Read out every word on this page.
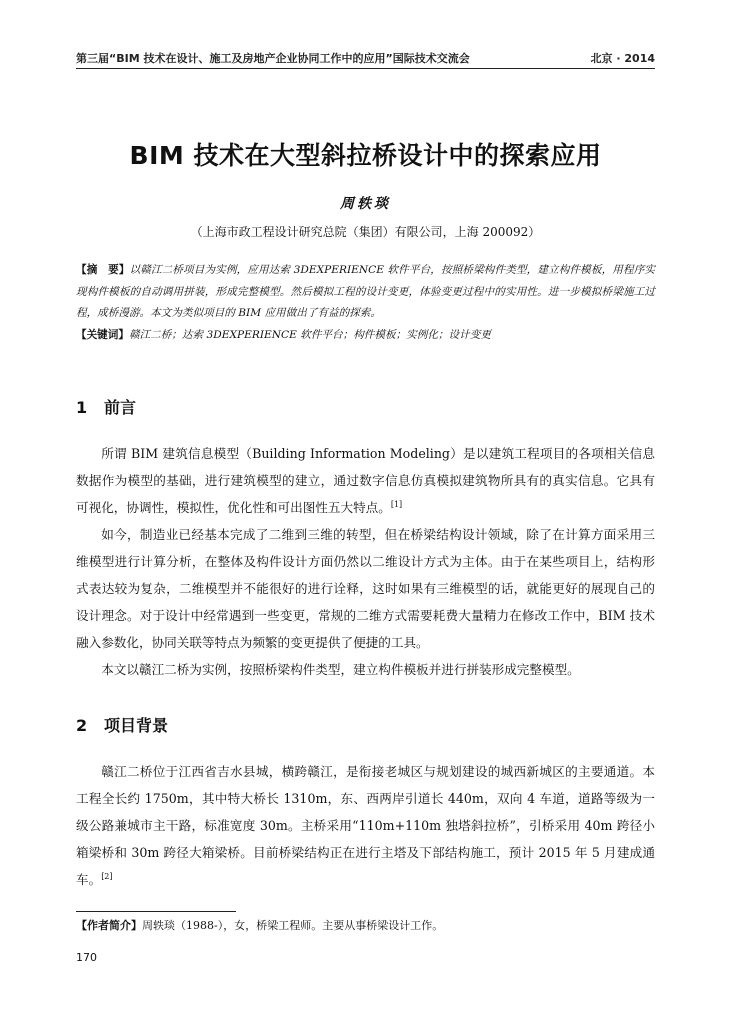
第三届“BIM 技术在设计、施工及房地产企业协同工作中的应用”国际技术交流会	北京 · 2014
BIM 技术在大型斜拉桥设计中的探索应用
周轶琰
（上海市政工程设计研究总院（集团）有限公司，上海 200092）

【摘　要】以赣江二桥项目为实例，应用达索 3DEXPERIENCE 软件平台，按照桥梁构件类型，建立构件模板，用程序实现构件模板的自动调用拼装，形成完整模型。然后模拟工程的设计变更，体验变更过程中的实用性。进一步模拟桥梁施工过程，成桥漫游。本文为类似项目的 BIM 应用做出了有益的探索。

【关键词】赣江二桥；达索 3DEXPERIENCE 软件平台；构件模板；实例化；设计变更

1 前言

所谓 BIM 建筑信息模型（Building Information Modeling）是以建筑工程项目的各项相关信息数据作为模型的基础，进行建筑模型的建立，通过数字信息仿真模拟建筑物所具有的真实信息。它具有可视化，协调性，模拟性，优化性和可出图性五大特点。[1]

如今，制造业已经基本完成了二维到三维的转型，但在桥梁结构设计领域，除了在计算方面采用三维模型进行计算分析，在整体及构件设计方面仍然以二维设计方式为主体。由于在某些项目上，结构形式表达较为复杂，二维模型并不能很好的进行诠释，这时如果有三维模型的话，就能更好的展现自己的设计理念。对于设计中经常遇到一些变更，常规的二维方式需要耗费大量精力在修改工作中，BIM 技术融入参数化，协同关联等特点为频繁的变更提供了便捷的工具。

本文以赣江二桥为实例，按照桥梁构件类型，建立构件模板并进行拼装形成完整模型。

2 项目背景

赣江二桥位于江西省吉水县城，横跨赣江，是衔接老城区与规划建设的城西新城区的主要通道。本工程全长约 1750m，其中特大桥长 1310m，东、西两岸引道长 440m，双向 4 车道，道路等级为一级公路兼城市主干路，标准宽度 30m。主桥采用“110m+110m 独塔斜拉桥”，引桥采用 40m 跨径小箱梁桥和 30m 跨径大箱梁桥。目前桥梁结构正在进行主塔及下部结构施工，预计 2015 年 5 月建成通车。[2]

【作者简介】周轶琰（1988-），女，桥梁工程师。主要从事桥梁设计工作。
170
